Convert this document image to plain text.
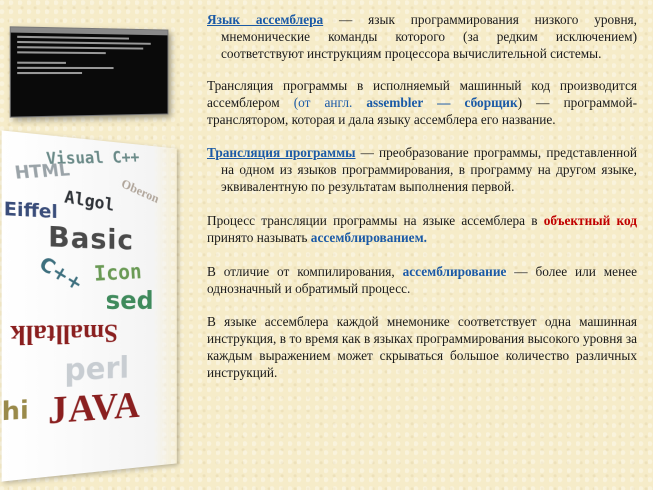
Visual C++
HTML
Oberon
Algol
Eiffel
Basic
Icon
C++
sed
Smalltalk
perl
hi JAVA

Язык ассемблера — язык программирования низкого уровня, мнемонические команды которого (за редким исключением) соответствуют инструкциям процессора вычислительной системы.

Трансляция программы в исполняемый машинный код производится ассемблером (от англ. assembler — сборщик) — программой-транслятором, которая и дала языку ассемблера его название.

Трансляция программы — преобразование программы, представленной на одном из языков программирования, в программу на другом языке, эквивалентную по результатам выполнения первой.

Процесс трансляции программы на языке ассемблера в объектный код принято называть ассемблированием.

В отличие от компилирования, ассемблирование — более или менее однозначный и обратимый процесс.

В языке ассемблера каждой мнемонике соответствует одна машинная инструкция, в то время как в языках программирования высокого уровня за каждым выражением может скрываться большое количество различных инструкций.
